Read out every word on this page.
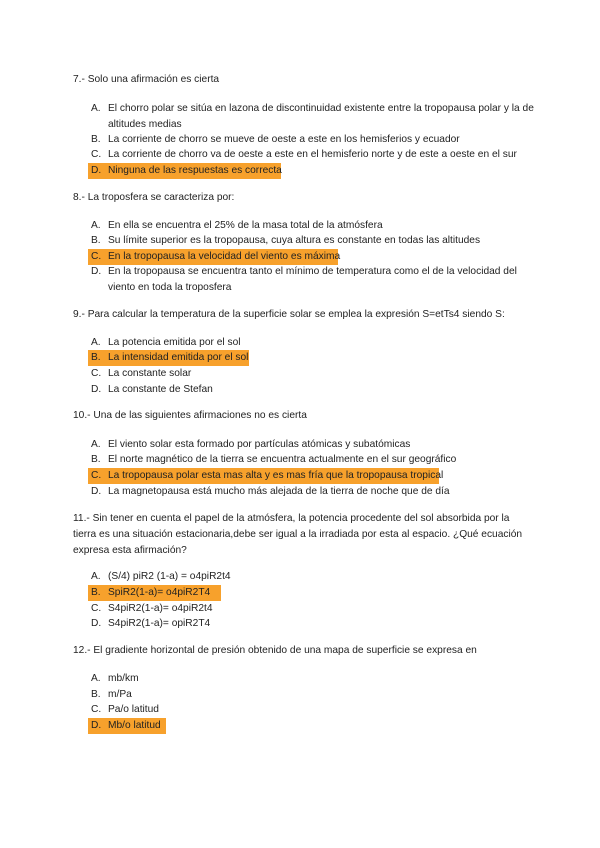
7.- Solo una afirmación es cierta
A. El chorro polar se sitúa en lazona de discontinuidad existente entre la tropopausa polar y la de altitudes medias
B. La corriente de chorro se mueve de oeste a este en los hemisferios y ecuador
C. La corriente de chorro va de oeste a este en el hemisferio norte y de este a oeste en el sur
D. Ninguna de las respuestas es correcta
8.- La troposfera se caracteriza por:
A. En ella se encuentra el 25% de la masa total de la atmósfera
B. Su límite superior es la tropopausa, cuya altura es constante en todas las altitudes
C. En la tropopausa la velocidad del viento es máxima
D. En la tropopausa se encuentra tanto el mínimo de temperatura como el de la velocidad del viento en toda la troposfera
9.- Para calcular la temperatura de la superficie solar se emplea la expresión S=etTs4 siendo S:
A. La potencia emitida por el sol
B. La intensidad emitida por el sol
C. La constante solar
D. La constante de Stefan
10.- Una de las siguientes afirmaciones no es cierta
A. El viento solar esta formado por partículas atómicas y subatómicas
B. El norte magnético de la tierra se encuentra actualmente en el sur geográfico
C. La tropopausa polar esta mas alta y es mas fría que la tropopausa tropical
D. La magnetopausa está mucho más alejada de la tierra de noche que de día
11.- Sin tener en cuenta el papel de la atmósfera, la potencia procedente del sol absorbida por la tierra es una situación estacionaria,debe ser igual a la irradiada por esta al espacio. ¿Qué ecuación expresa esta afirmación?
A. (S/4) piR2 (1-a) = o4piR2t4
B. SpiR2(1-a)= o4piR2T4
C. S4piR2(1-a)= o4piR2t4
D. S4piR2(1-a)= opiR2T4
12.- El gradiente horizontal de presión obtenido de una mapa de superficie se expresa en
A. mb/km
B. m/Pa
C. Pa/o latitud
D. Mb/o latitud
